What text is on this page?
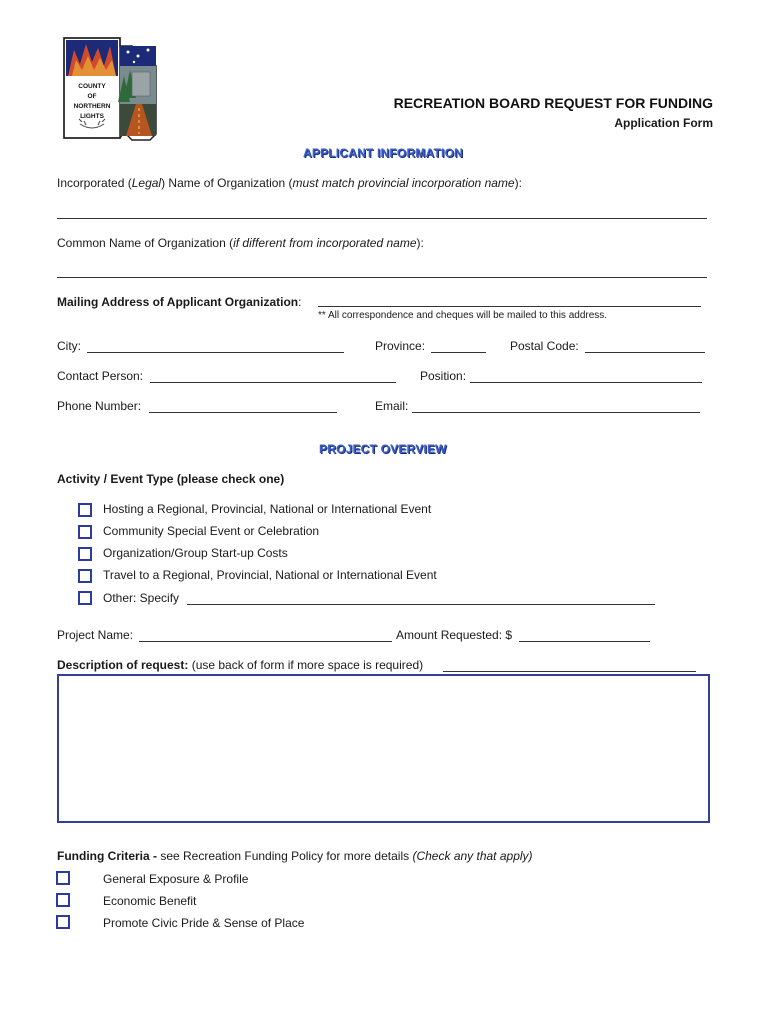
COUNTY
OF
NORTHERN
LIGHTS
RECREATION BOARD REQUEST FOR FUNDING
Application Form
APPLICANT INFORMATION
Incorporated (Legal) Name of Organization (must match provincial incorporation name):
Common Name of Organization (if different from incorporated name):
Mailing Address of Applicant Organization:
** All correspondence and cheques will be mailed to this address.
City:	Province:	Postal Code:
Contact Person:	Position:
Phone Number:	Email:
PROJECT OVERVIEW
Activity / Event Type (please check one)
Hosting a Regional, Provincial, National or International Event
Community Special Event or Celebration
Organization/Group Start-up Costs
Travel to a Regional, Provincial, National or International Event
Other: Specify
Project Name:	Amount Requested: $
Description of request: (use back of form if more space is required)
Funding Criteria - see Recreation Funding Policy for more details (Check any that apply)
General Exposure & Profile
Economic Benefit
Promote Civic Pride & Sense of Place
